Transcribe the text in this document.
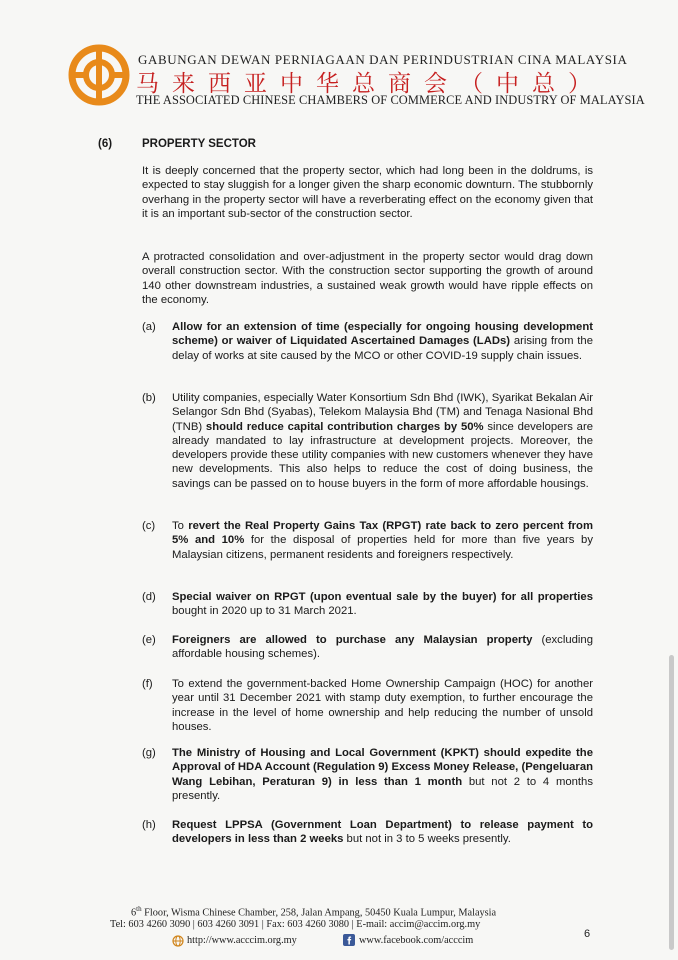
GABUNGAN DEWAN PERNIAGAAN DAN PERINDUSTRIAN CINA MALAYSIA
马来西亚中华总商会（中总）
THE ASSOCIATED CHINESE CHAMBERS OF COMMERCE AND INDUSTRY OF MALAYSIA
(6)	PROPERTY SECTOR

It is deeply concerned that the property sector, which had long been in the doldrums, is expected to stay sluggish for a longer given the sharp economic downturn. The stubbornly overhang in the property sector will have a reverberating effect on the economy given that it is an important sub-sector of the construction sector.

A protracted consolidation and over-adjustment in the property sector would drag down overall construction sector. With the construction sector supporting the growth of around 140 other downstream industries, a sustained weak growth would have ripple effects on the economy.

(a) Allow for an extension of time (especially for ongoing housing development scheme) or waiver of Liquidated Ascertained Damages (LADs) arising from the delay of works at site caused by the MCO or other COVID-19 supply chain issues.

(b) Utility companies, especially Water Konsortium Sdn Bhd (IWK), Syarikat Bekalan Air Selangor Sdn Bhd (Syabas), Telekom Malaysia Bhd (TM) and Tenaga Nasional Bhd (TNB) should reduce capital contribution charges by 50% since developers are already mandated to lay infrastructure at development projects. Moreover, the developers provide these utility companies with new customers whenever they have new developments. This also helps to reduce the cost of doing business, the savings can be passed on to house buyers in the form of more affordable housings.

(c) To revert the Real Property Gains Tax (RPGT) rate back to zero percent from 5% and 10% for the disposal of properties held for more than five years by Malaysian citizens, permanent residents and foreigners respectively.

(d) Special waiver on RPGT (upon eventual sale by the buyer) for all properties bought in 2020 up to 31 March 2021.

(e) Foreigners are allowed to purchase any Malaysian property (excluding affordable housing schemes).

(f) To extend the government-backed Home Ownership Campaign (HOC) for another year until 31 December 2021 with stamp duty exemption, to further encourage the increase in the level of home ownership and help reducing the number of unsold houses.

(g) The Ministry of Housing and Local Government (KPKT) should expedite the Approval of HDA Account (Regulation 9) Excess Money Release, (Pengeluaran Wang Lebihan, Peraturan 9) in less than 1 month but not 2 to 4 months presently.

(h) Request LPPSA (Government Loan Department) to release payment to developers in less than 2 weeks but not in 3 to 5 weeks presently.

6th Floor, Wisma Chinese Chamber, 258, Jalan Ampang, 50450 Kuala Lumpur, Malaysia
Tel: 603 4260 3090 | 603 4260 3091 | Fax: 603 4260 3080 | E-mail: accim@accim.org.my
http://www.acccim.org.my	www.facebook.com/acccim
6
